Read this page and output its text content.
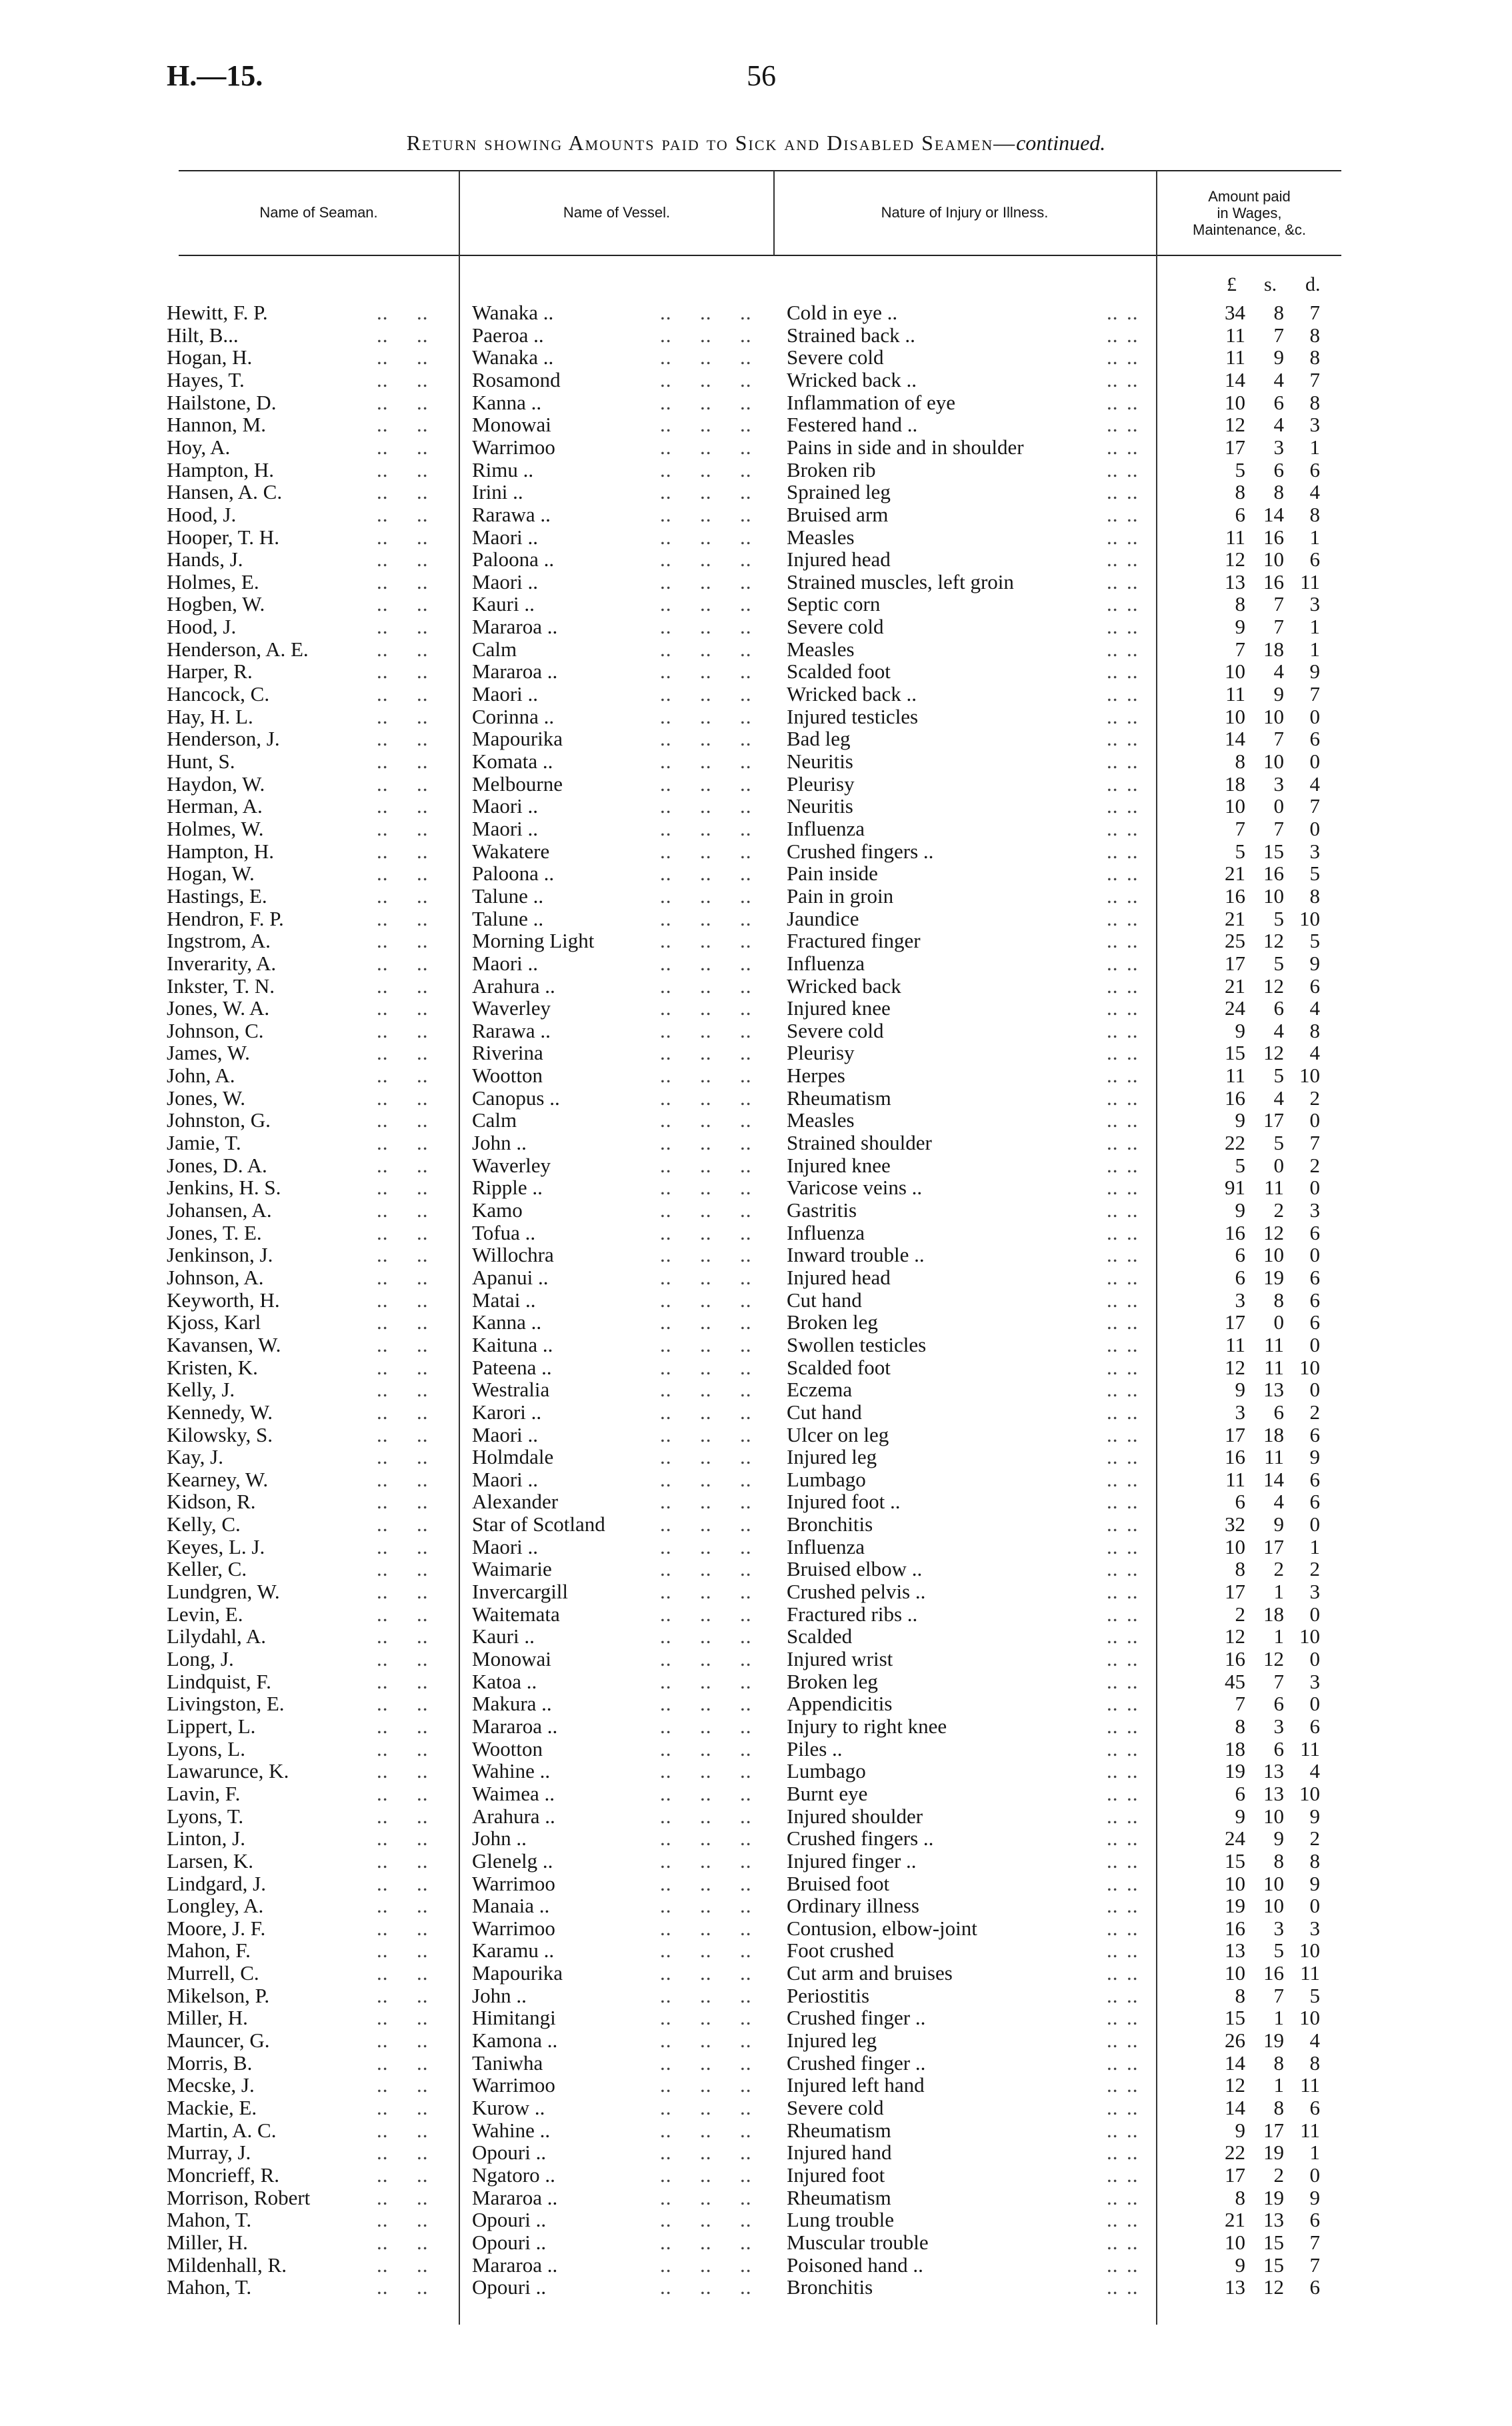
H.—15.	56
Return showing Amounts paid to Sick and Disabled Seamen—continued.
Name of Seaman.	Name of Vessel.	Nature of Injury or Illness.
Amount paid
in Wages,
Maintenance, &c.
£ s. d.
Hewitt, F. P.	Wanaka ..	Cold in eye ..	34	8	7
.. ..	.. .. ..	.. ..
Hilt, B...	Paeroa ..	Strained back ..	11	7	8
.. ..	.. .. ..	.. ..
Hogan, H.	Wanaka ..	Severe cold	11	9	8
.. ..	.. .. ..	.. ..
Hayes, T.	Rosamond	Wricked back ..	14	4	7
.. ..	.. .. ..	.. ..
Hailstone, D.	Kanna ..	Inflammation of eye	10	6	8
.. ..	.. .. ..	.. ..
Hannon, M.	Monowai	Festered hand ..	12	4	3
.. ..	.. .. ..	.. ..
Hoy, A.	Warrimoo	Pains in side and in shoulder	17	3	1
.. ..	.. .. ..	.. ..
Hampton, H.	Rimu ..	Broken rib	5	6	6
.. ..	.. .. ..	.. ..
Hansen, A. C.	Irini ..	Sprained leg	8	8	4
.. ..	.. .. ..	.. ..
Hood, J.	Rarawa ..	Bruised arm	6 14	8
.. ..	.. .. ..	.. ..
Hooper, T. H.	Maori ..	Measles	11 16	1
.. ..	.. .. ..	.. ..
Hands, J.	Paloona ..	Injured head	12 10	6
.. ..	.. .. ..	.. ..
Holmes, E.	Maori ..	Strained muscles, left groin	13 16 11
.. ..	.. .. ..	.. ..
Hogben, W.	Kauri ..	Septic corn	8	7	3
.. ..	.. .. ..	.. ..
Hood, J.	Mararoa ..	Severe cold	9	7	1
.. ..	.. .. ..	.. ..
Henderson, A. E.	Calm	Measles	7 18	1
.. ..	.. .. ..	.. ..
Harper, R.	Mararoa ..	Scalded foot	10	4	9
.. ..	.. .. ..	.. ..
Hancock, C.	Maori ..	Wricked back ..	11	9	7
.. ..	.. .. ..	.. ..
Hay, H. L.	Corinna ..	Injured testicles	10 10	0
.. ..	.. .. ..	.. ..
Henderson, J.	Mapourika	Bad leg	14	7	6
.. ..	.. .. ..	.. ..
Hunt, S.	Komata ..	Neuritis	8 10	0
.. ..	.. .. ..	.. ..
Haydon, W.	Melbourne	Pleurisy	18	3	4
.. ..	.. .. ..	.. ..
Herman, A.	Maori ..	Neuritis	10	0	7
.. ..	.. .. ..	.. ..
Holmes, W.	Maori ..	Influenza	7	7	0
.. ..	.. .. ..	.. ..
Hampton, H.	Wakatere	Crushed fingers ..	5 15	3
.. ..	.. .. ..	.. ..
Hogan, W.	Paloona ..	Pain inside	21 16	5
.. ..	.. .. ..	.. ..
Hastings, E.	Talune ..	Pain in groin	16 10	8
.. ..	.. .. ..	.. ..
Hendron, F. P.	Talune ..	Jaundice	21	5 10
.. ..	.. .. ..	.. ..
Ingstrom, A.	Morning Light	Fractured finger	25 12	5
.. ..	.. .. ..	.. ..
Inverarity, A.	Maori ..	Influenza	17	5	9
.. ..	.. .. ..	.. ..
Inkster, T. N.	Arahura ..	Wricked back	21 12	6
.. ..	.. .. ..	.. ..
Jones, W. A.	Waverley	Injured knee	24	6	4
.. ..	.. .. ..	.. ..
Johnson, C.	Rarawa ..	Severe cold	9	4	8
.. ..	.. .. ..	.. ..
James, W.	Riverina	Pleurisy	15 12	4
.. ..	.. .. ..	.. ..
John, A.	Wootton	Herpes	11	5 10
.. ..	.. .. ..	.. ..
Jones, W.	Canopus ..	Rheumatism	16	4	2
.. ..	.. .. ..	.. ..
Johnston, G.	Calm	Measles	9 17	0
.. ..	.. .. ..	.. ..
Jamie, T.	John ..	Strained shoulder	22	5	7
.. ..	.. .. ..	.. ..
Jones, D. A.	Waverley	Injured knee	5	0	2
.. ..	.. .. ..	.. ..
Jenkins, H. S.	Ripple ..	Varicose veins ..	91 11	0
.. ..	.. .. ..	.. ..
Johansen, A.	Kamo	Gastritis	9	2	3
.. ..	.. .. ..	.. ..
Jones, T. E.	Tofua ..	Influenza	16 12	6
.. ..	.. .. ..	.. ..
Jenkinson, J.	Willochra	Inward trouble ..	6 10	0
.. ..	.. .. ..	.. ..
Johnson, A.	Apanui ..	Injured head	6 19	6
.. ..	.. .. ..	.. ..
Keyworth, H.	Matai ..	Cut hand	3	8	6
.. ..	.. .. ..	.. ..
Kjoss, Karl	Kanna ..	Broken leg	17	0	6
.. ..	.. .. ..	.. ..
Kavansen, W.	Kaituna ..	Swollen testicles	11 11	0
.. ..	.. .. ..	.. ..
Kristen, K.	Pateena ..	Scalded foot	12 11 10
.. ..	.. .. ..	.. ..
Kelly, J.	Westralia	Eczema	9 13	0
.. ..	.. .. ..	.. ..
Kennedy, W.	Karori ..	Cut hand	3	6	2
.. ..	.. .. ..	.. ..
Kilowsky, S.	Maori ..	Ulcer on leg	17 18	6
.. ..	.. .. ..	.. ..
Kay, J.	Holmdale	Injured leg	16 11	9
.. ..	.. .. ..	.. ..
Kearney, W.	Maori ..	Lumbago	11 14	6
.. ..	.. .. ..	.. ..
Kidson, R.	Alexander	Injured foot ..	6	4	6
.. ..	.. .. ..	.. ..
Kelly, C.	Star of Scotland	Bronchitis	32	9	0
.. ..	.. .. ..	.. ..
Keyes, L. J.	Maori ..	Influenza	10 17	1
.. ..	.. .. ..	.. ..
Keller, C.	Waimarie	Bruised elbow ..	8	2	2
.. ..	.. .. ..	.. ..
Lundgren, W.	Invercargill	Crushed pelvis ..	17	1	3
.. ..	.. .. ..	.. ..
Levin, E.	Waitemata	Fractured ribs ..	2 18	0
.. ..	.. .. ..	.. ..
Lilydahl, A.	Kauri ..	Scalded	12	1 10
.. ..	.. .. ..	.. ..
Long, J.	Monowai	Injured wrist	16 12	0
.. ..	.. .. ..	.. ..
Lindquist, F.	Katoa ..	Broken leg	45	7	3
.. ..	.. .. ..	.. ..
Livingston, E.	Makura ..	Appendicitis	7	6	0
.. ..	.. .. ..	.. ..
Lippert, L.	Mararoa ..	Injury to right knee	8	3	6
.. ..	.. .. ..	.. ..
Lyons, L.	Wootton	Piles ..	18	6 11
.. ..	.. .. ..	.. ..
Lawarunce, K.	Wahine ..	Lumbago	19 13	4
.. ..	.. .. ..	.. ..
Lavin, F.	Waimea ..	Burnt eye	6 13 10
.. ..	.. .. ..	.. ..
Lyons, T.	Arahura ..	Injured shoulder	9 10	9
.. ..	.. .. ..	.. ..
Linton, J.	John ..	Crushed fingers ..	24	9	2
.. ..	.. .. ..	.. ..
Larsen, K.	Glenelg ..	Injured finger ..	15	8	8
.. ..	.. .. ..	.. ..
Lindgard, J.	Warrimoo	Bruised foot	10 10	9
.. ..	.. .. ..	.. ..
Longley, A.	Manaia ..	Ordinary illness	19 10	0
.. ..	.. .. ..	.. ..
Moore, J. F.	Warrimoo	Contusion, elbow-joint	16	3	3
.. ..	.. .. ..	.. ..
Mahon, F.	Karamu ..	Foot crushed	13	5 10
.. ..	.. .. ..	.. ..
Murrell, C.	Mapourika	Cut arm and bruises	10 16 11
.. ..	.. .. ..	.. ..
Mikelson, P.	John ..	Periostitis	8	7	5
.. ..	.. .. ..	.. ..
Miller, H.	Himitangi	Crushed finger ..	15	1 10
.. ..	.. .. ..	.. ..
Mauncer, G.	Kamona ..	Injured leg	26 19	4
.. ..	.. .. ..	.. ..
Morris, B.	Taniwha	Crushed finger ..	14	8	8
.. ..	.. .. ..	.. ..
Mecske, J.	Warrimoo	Injured left hand	12	1 11
.. ..	.. .. ..	.. ..
Mackie, E.	Kurow ..	Severe cold	14	8	6
.. ..	.. .. ..	.. ..
Martin, A. C.	Wahine ..	Rheumatism	9 17 11
.. ..	.. .. ..	.. ..
Murray, J.	Opouri ..	Injured hand	22 19	1
.. ..	.. .. ..	.. ..
Moncrieff, R.	Ngatoro ..	Injured foot	17	2	0
.. ..	.. .. ..	.. ..
Morrison, Robert	Mararoa ..	Rheumatism	8 19	9
.. ..	.. .. ..	.. ..
Mahon, T.	Opouri ..	Lung trouble	21 13	6
.. ..	.. .. ..	.. ..
Miller, H.	Opouri ..	Muscular trouble	10 15	7
.. ..	.. .. ..	.. ..
Mildenhall, R.	Mararoa ..	Poisoned hand ..	9 15	7
.. ..	.. .. ..	.. ..
Mahon, T.	Opouri ..	Bronchitis	13 12	6
.. ..	.. .. ..	.. ..
